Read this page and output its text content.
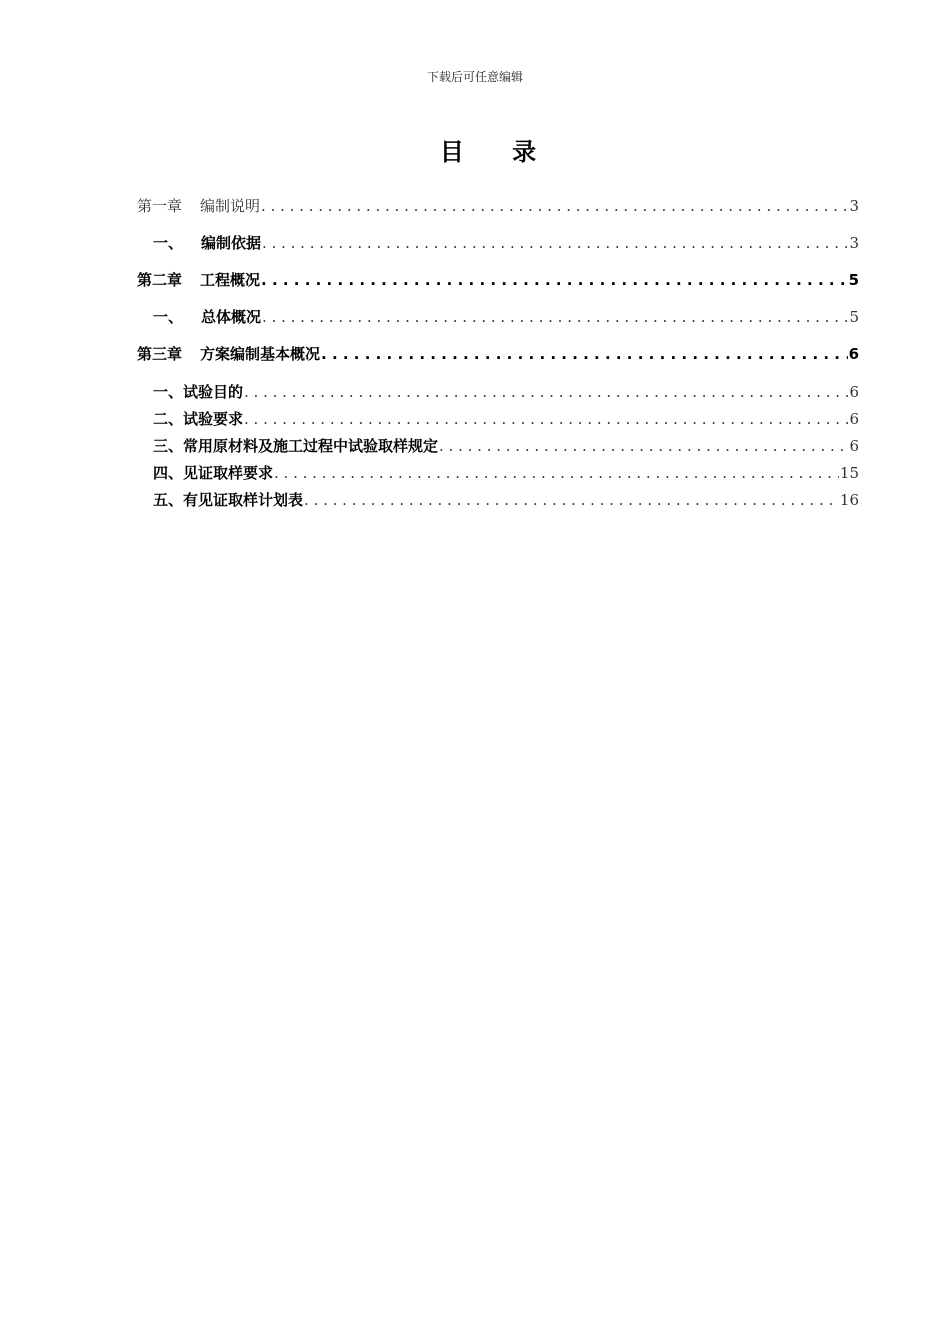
下载后可任意编辑
目 录
第一章 编制说明 . . .	3
一、 编制依据 . . .	3
第二章 工程概况 . . .	5
一、 总体概况 . . .	5
第三章 方案编制基本概况 . . .	6
一、试验目的 . . .	6
二、试验要求 . . .	6
三、常用原材料及施工过程中试验取样规定 . . .	6
四、见证取样要求 . . .	15
五、有见证取样计划表 . . .	16
